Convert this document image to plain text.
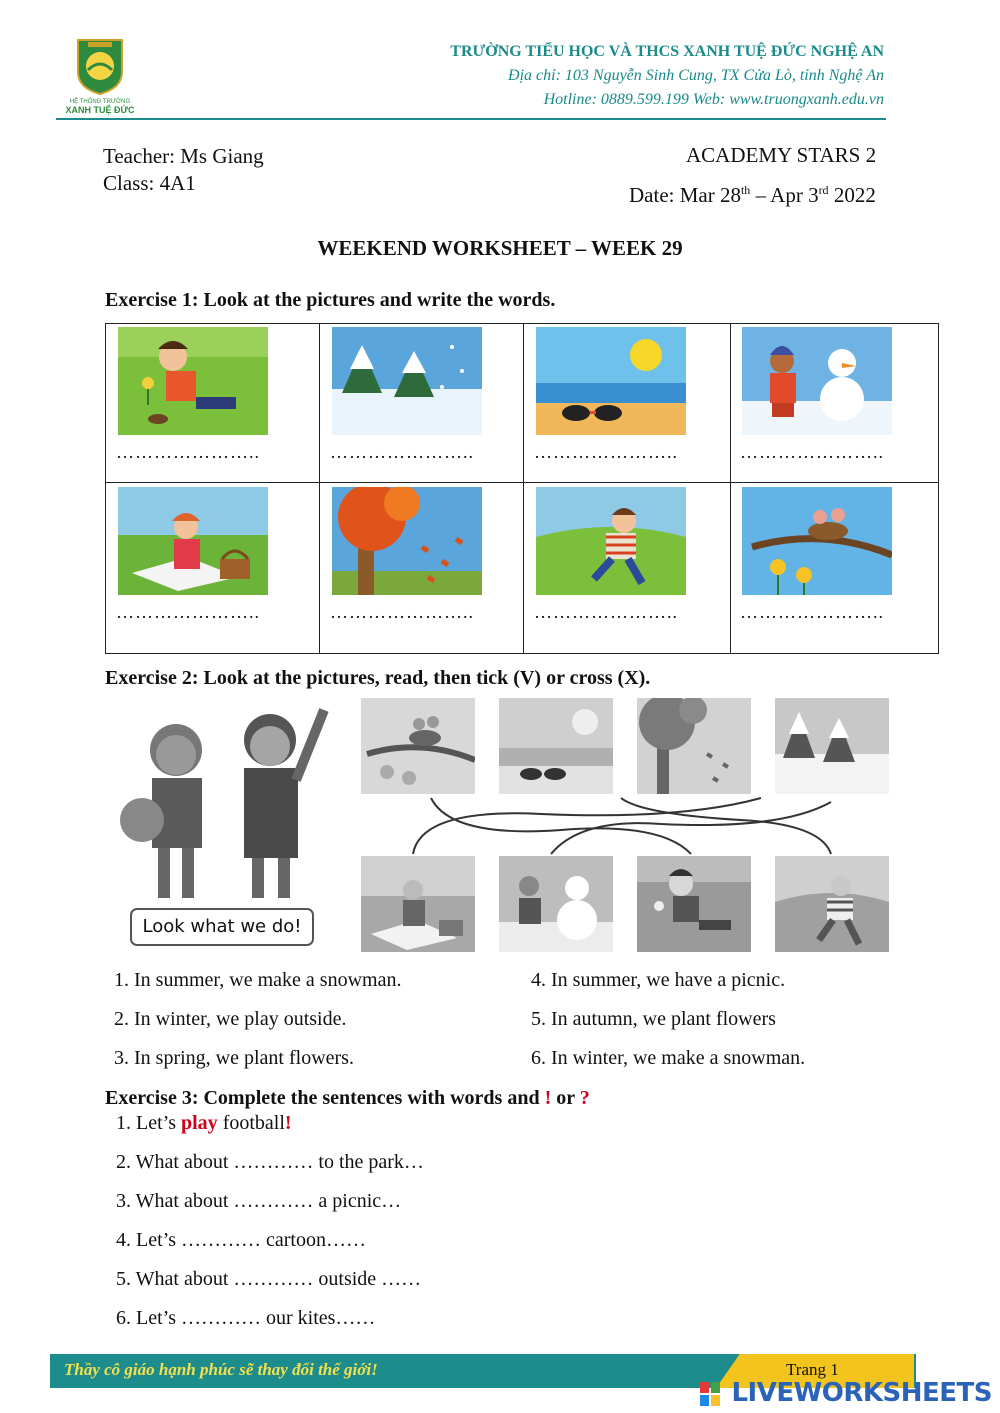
HỆ THỐNG TRƯỜNG
XANH TUỆ ĐỨC
TRƯỜNG TIỂU HỌC VÀ THCS XANH TUỆ ĐỨC NGHỆ AN
Địa chỉ: 103 Nguyễn Sinh Cung, TX Cửa Lò, tỉnh Nghệ An
Hotline: 0889.599.199 Web: www.truongxanh.edu.vn
Teacher: Ms Giang
Class: 4A1
ACADEMY STARS 2
Date: Mar 28th – Apr 3rd 2022
WEEKEND WORKSHEET – WEEK 29
Exercise 1: Look at the pictures and write the words.
…………………..	…………………..	…………………..	…………………..
…………………..	…………………..	…………………..	…………………..
Exercise 2: Look at the pictures, read, then tick (V) or cross (X).
Look what we do!
1. In summer, we make a snowman.
2. In winter, we play outside.
3. In spring, we plant flowers.
4. In summer, we have a picnic.
5. In autumn, we plant flowers
6. In winter, we make a snowman.
Exercise 3: Complete the sentences with words and ! or ?
1. Let’s play football!
2. What about ………… to the park…
3. What about ………… a picnic…
4. Let’s ………… cartoon……
5. What about ………… outside ……
6. Let’s ………… our kites……
Thầy cô giáo hạnh phúc sẽ thay đổi thế giới!	Trang 1
LIVEWORKSHEETS
